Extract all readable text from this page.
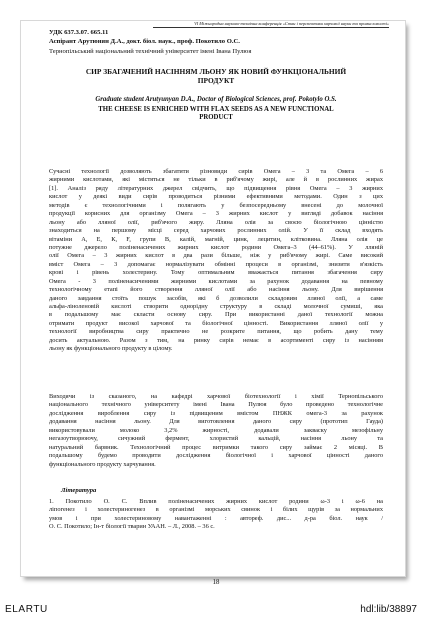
VI Міжнародна науково-технічна конференція «Стан і перспективи харчової науки та промисловості»

УДК 637.3.07. 665.11

Аспірант Арутюнян Д.А., докт. біол. наук., проф. Покотило О.С.

Тернопільський національний технічний університет імені Івана Пулюя

СИР ЗБАГАЧЕНИЙ НАСІННЯМ ЛЬОНУ ЯК НОВИЙ ФУНКЦІОНАЛЬНИЙ
ПРОДУКТ

Graduate student Arutyunyan D.A., Doctor of Biological Sciences, prof. Pokotylo O.S.

THE CHEESE IS ENRICHED WITH FLAX SEEDS AS A NEW FUNCTIONAL
PRODUCT
Сучасні технології дозволяють збагатити різновиди сирів Омега – 3 та Омега – 6
жирними кислотами, які містяться не тільки в риб'ячому жирі, але й в рослинних жирах
[1]. Аналіз ряду літературних джерел свідчить, що підвищення рівня Омега – 3 жирних
кислот у деякі види сирів проводиться різними ефективними методами. Один з цих
методів є технологічними і полягають у безпосередньому внесені до молочної
продукції корисних для організму Омега – 3 жирних кислот у вигляді добавок насіння
льону або лляної олії, риб'ячого жиру. Лляна олія за своєю біологічною цінністю
знаходиться на першому місці серед харчових рослинних олій. У її склад входять
вітаміни А, Е, К, F, групи В, калій, магній, цинк, лецитин, клітковина. Лляна олія це
потужне джерело поліненасичених жирних кислот родини Омега–3 (44–61%). У лляній
олії Омега – 3 жирних кислот в два рази більше, ніж у риб'ячому жирі. Саме високий
вміст Омега – 3 допомагає нормалізувати обмінні процеси в організмі, знизити в'язкість
крові і рівень холестерину. Тому оптимальним вважається питання збагачення сиру
Омега - 3 поліненасиченими жирними кислотами за рахунок додавання на певному
технологічному етапі його створення лляної олії або насіння льону. Для вирішення
даного завдання стоїть пошук засобів, які б дозволили складовим лляної олії, а саме
альфа-ліноленовій кислоті створити однорідну структуру в складі молочної сумиші, яка
в подальшому має скласти основу сиру. При використанні даної технології можна
отримати продукт високої харчової та біологічної цінності. Використання лляної олії у
технології виробництва сиру практично не розкрите питання, що робить дану тему
досить актуальною. Разом з тим, на ринку сирів немає в асортименті сиру із насінням
льону як функціонального продукту в цілому.
Виходячи із сказаного, на кафедрі харчової біотехнології і хімії Тернопільського
національного технічного університету імені Івана Пулюя було проведено технологічне
дослідження вироблення сиру із підвищеним вмістом ПНЖК омега-3 за рахунок
додавання насіння льону. Для виготовлення даного сиру (прототип Гауда)
використовували молоко 3,2% жирності, додавали закваску мезофільну
негазоутворюючу, сичужний фермент, хлористий кальцій, насіння льону та
натуральний барвник. Технологічний процес витримки такого сиру займає 2 місяці. В
подальшому будемо проводити дослідження біологічної і харчової цінності даного
функціонального продукту харчування.

Література

1. Покотило О. С. Вплив поліненасичених жирних кислот родини ω-3 і ω-6 на
ліпогенез і холестериногенез в організмі морських свинок і білих щурів за нормальних
умов і при холестериновому навантаженні : автореф. дис... д-ра біол. наук /
О. С. Покотило; Ін-т біології тварин УААН. – Л., 2008. – 36 с.
18
ELARTU	hdl:lib/38897
